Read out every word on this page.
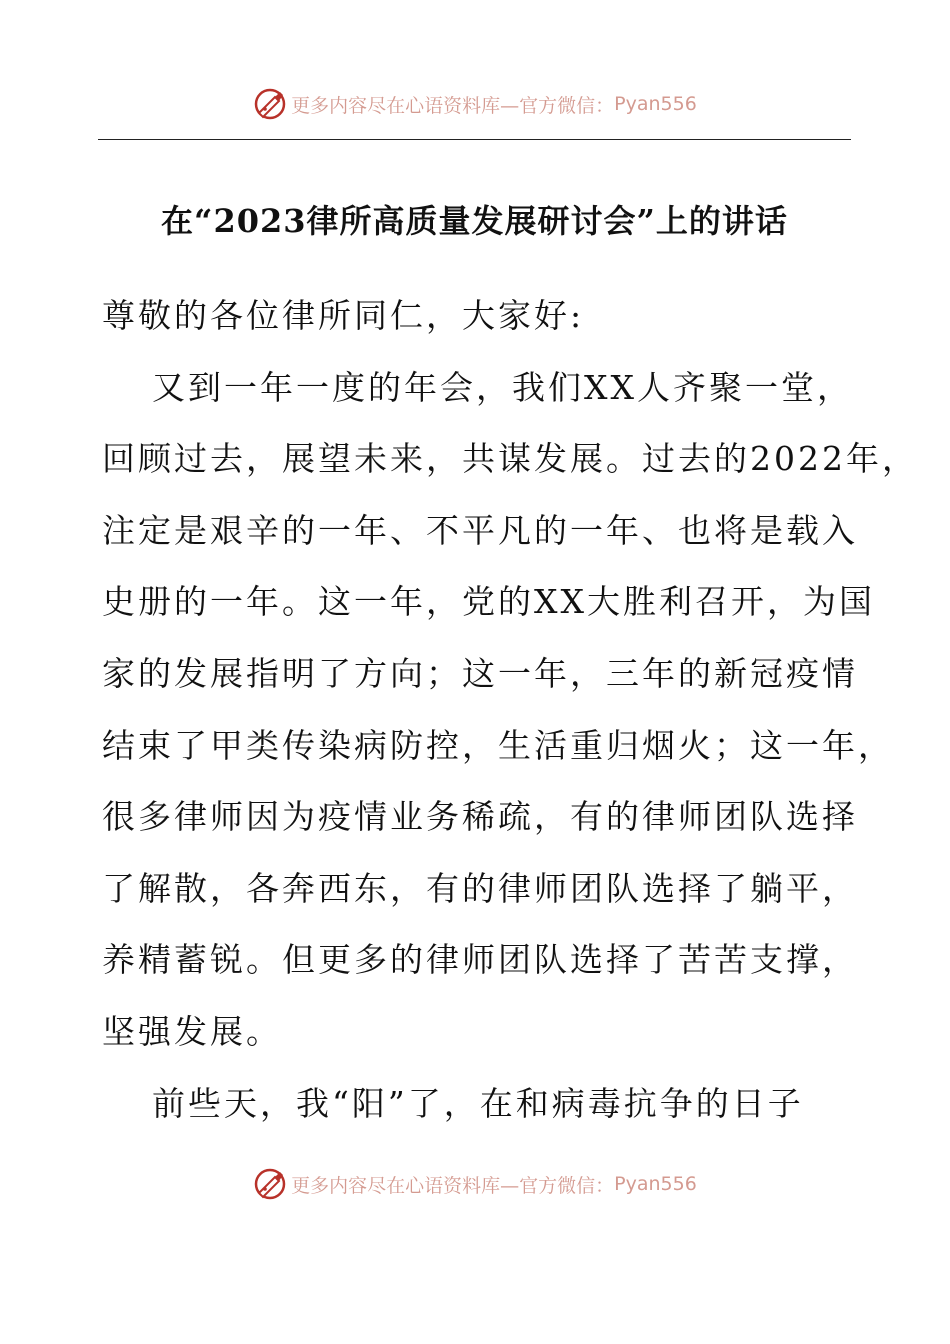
更多内容尽在心语资料库—官方微信： Pyan556
在“2023律所高质量发展研讨会”上的讲话
尊敬的各位律所同仁，大家好:
又到一年一度的年会，我们XX人齐聚一堂，
回顾过去，展望未来，共谋发展。过去的2022年，
注定是艰辛的一年、不平凡的一年、也将是载入
史册的一年。这一年，党的XX大胜利召开，为国
家的发展指明了方向；这一年，三年的新冠疫情
结束了甲类传染病防控，生活重归烟火；这一年，
很多律师因为疫情业务稀疏，有的律师团队选择
了解散，各奔西东，有的律师团队选择了躺平，
养精蓄锐。但更多的律师团队选择了苦苦支撑，
坚强发展。
前些天，我“阳”了，在和病毒抗争的日子
更多内容尽在心语资料库—官方微信： Pyan556
